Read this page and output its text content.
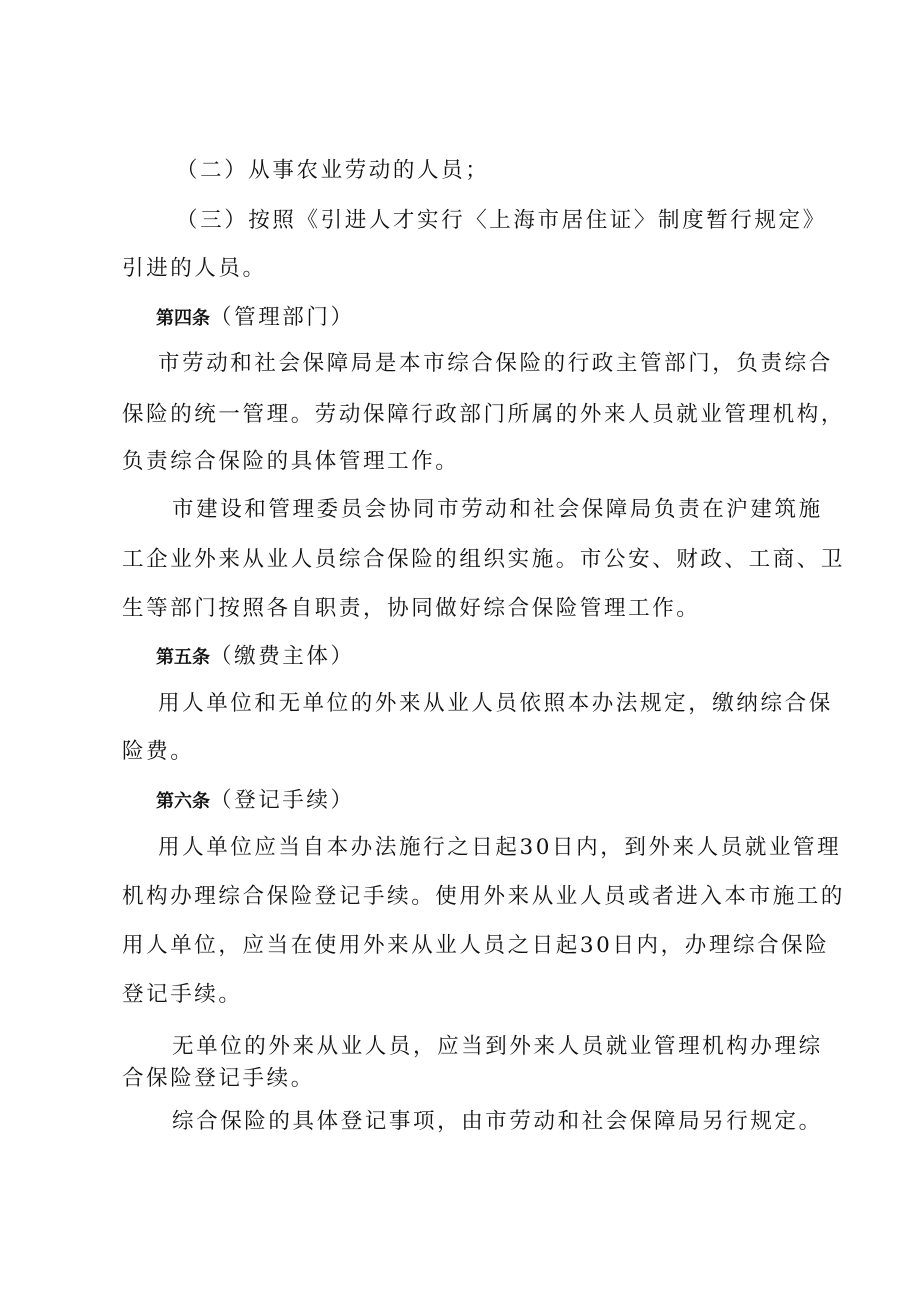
（二）从事农业劳动的人员；
（三）按照《引进人才实行〈上海市居住证〉制度暂行规定》
引进的人员。
第四条（管理部门）
市劳动和社会保障局是本市综合保险的行政主管部门，负责综合
保险的统一管理。劳动保障行政部门所属的外来人员就业管理机构，
负责综合保险的具体管理工作。
市建设和管理委员会协同市劳动和社会保障局负责在沪建筑施
工企业外来从业人员综合保险的组织实施。市公安、财政、工商、卫
生等部门按照各自职责，协同做好综合保险管理工作。
第五条（缴费主体）
用人单位和无单位的外来从业人员依照本办法规定，缴纳综合保
险费。
第六条（登记手续）
用人单位应当自本办法施行之日起30日内，到外来人员就业管理
机构办理综合保险登记手续。使用外来从业人员或者进入本市施工的
用人单位，应当在使用外来从业人员之日起30日内，办理综合保险
登记手续。
无单位的外来从业人员，应当到外来人员就业管理机构办理综
合保险登记手续。
综合保险的具体登记事项，由市劳动和社会保障局另行规定。
